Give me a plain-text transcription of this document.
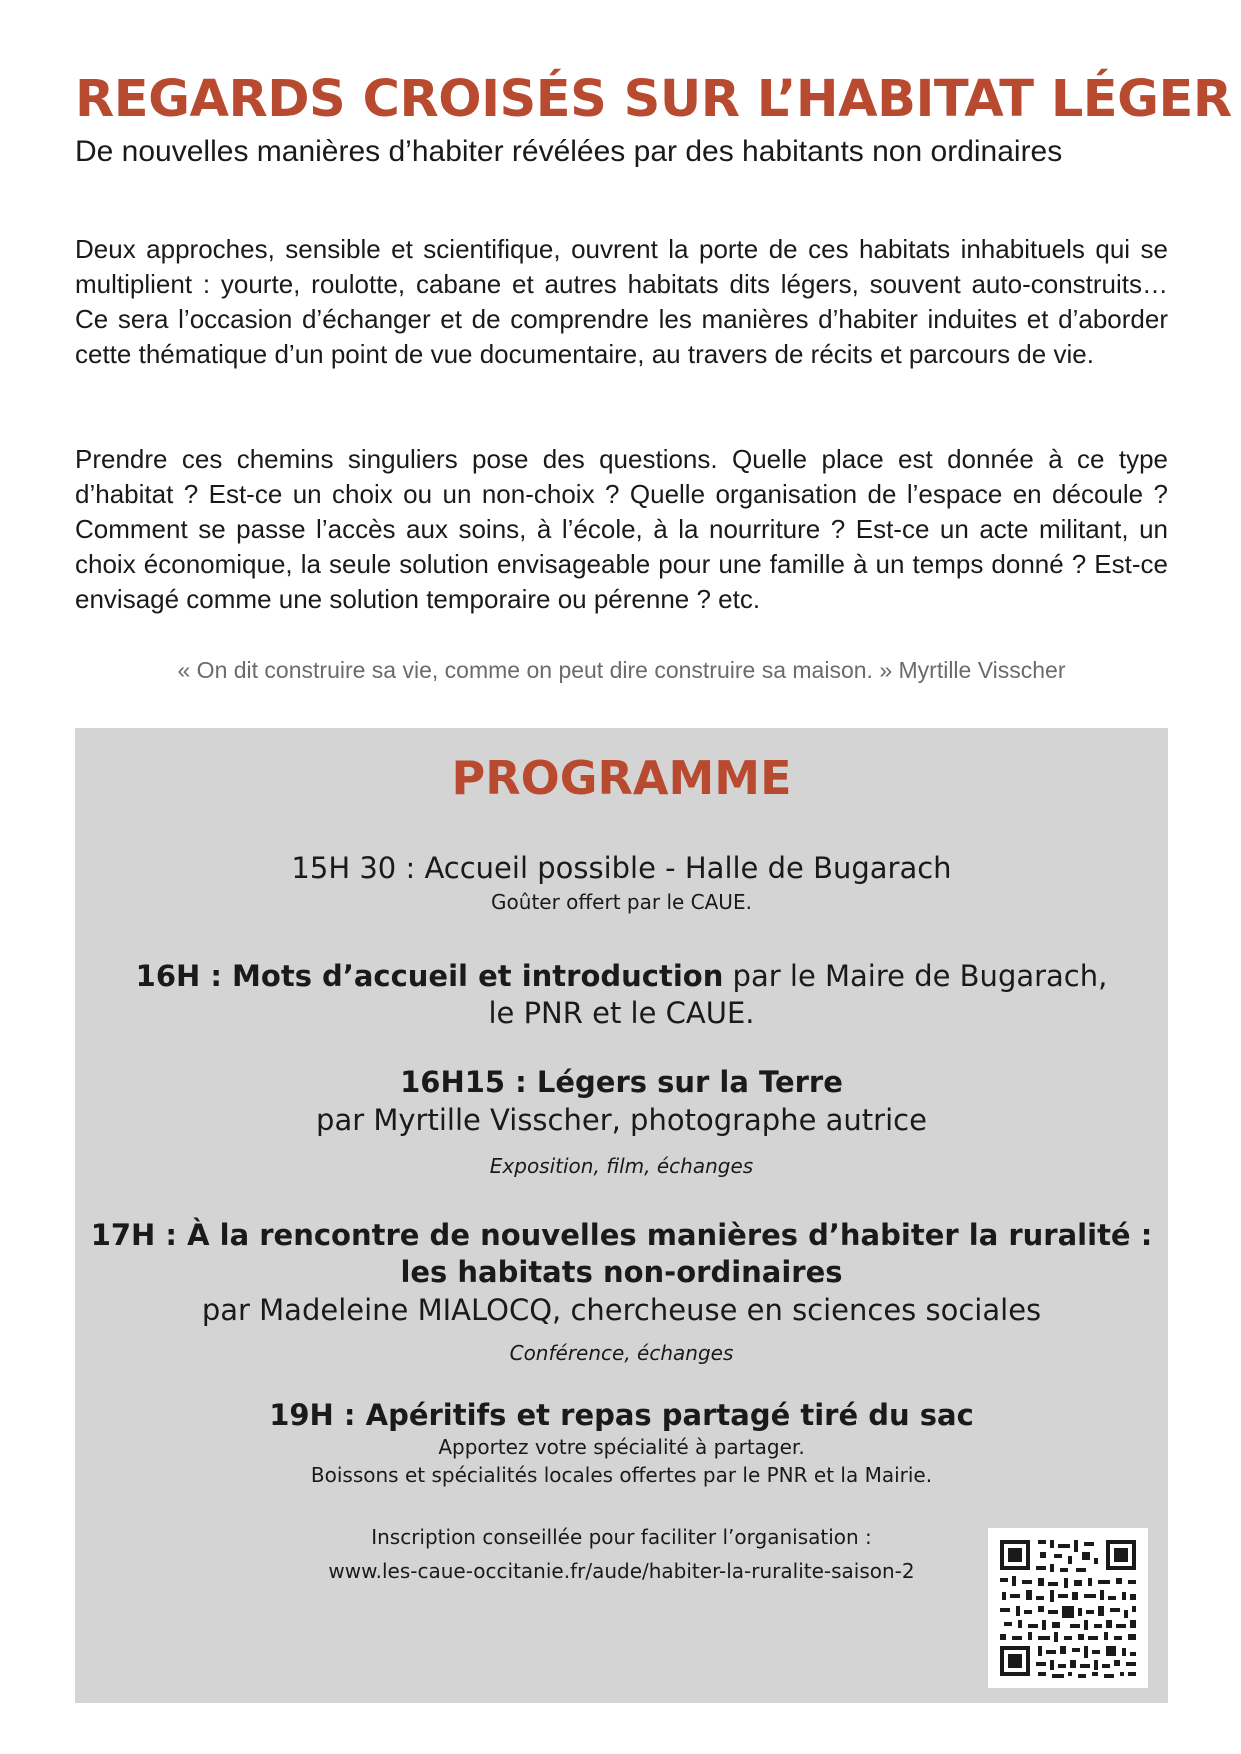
REGARDS CROISÉS SUR L’HABITAT LÉGER

De nouvelles manières d’habiter révélées par des habitants non ordinaires

Deux approches, sensible et scientifique, ouvrent la porte de ces habitats inhabituels qui se multiplient : yourte, roulotte, cabane et autres habitats dits légers, souvent auto-construits… Ce sera l’occasion d’échanger et de comprendre les manières d’habiter induites et d’aborder cette thématique d’un point de vue documentaire, au travers de récits et parcours de vie.

Prendre ces chemins singuliers pose des questions. Quelle place est donnée à ce type d’habitat ? Est-ce un choix ou un non-choix ? Quelle organisation de l’espace en découle ? Comment se passe l’accès aux soins, à l’école, à la nourriture ? Est-ce un acte militant, un choix économique, la seule solution envisageable pour une famille à un temps donné ? Est-ce envisagé comme une solution temporaire ou pérenne ? etc.

« On dit construire sa vie, comme on peut dire construire sa maison. » Myrtille Visscher

PROGRAMME

15H 30 : Accueil possible - Halle de Bugarach

Goûter offert par le CAUE.

16H : Mots d’accueil et introduction par le Maire de Bugarach,

le PNR et le CAUE.

16H15 : Légers sur la Terre

par Myrtille Visscher, photographe autrice

Exposition, film, échanges

17H : À la rencontre de nouvelles manières d’habiter la ruralité :

les habitats non-ordinaires

par Madeleine MIALOCQ, chercheuse en sciences sociales

Conférence, échanges

19H : Apéritifs et repas partagé tiré du sac

Apportez votre spécialité à partager.

Boissons et spécialités locales offertes par le PNR et la Mairie.

Inscription conseillée pour faciliter l’organisation :

www.les-caue-occitanie.fr/aude/habiter-la-ruralite-saison-2
